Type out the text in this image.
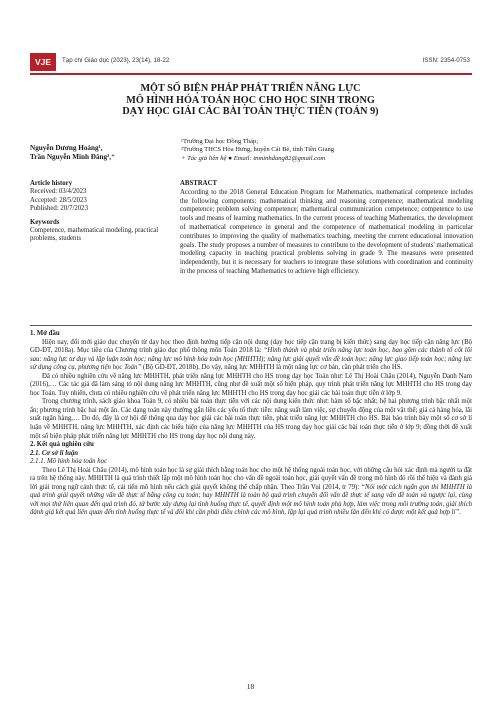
VJE	Tạp chí Giáo dục (2023), 23(14), 18-22	ISSN: 2354-0753
MỘT SỐ BIỆN PHÁP PHÁT TRIỂN NĂNG LỰC
MÔ HÌNH HÓA TOÁN HỌC CHO HỌC SINH TRONG
DẠY HỌC GIẢI CÁC BÀI TOÁN THỰC TIỄN (TOÁN 9)
Nguyễn Dương Hoàng¹,
Trần Nguyễn Minh Đăng²,⁺
¹Trường Đại học Đồng Tháp;
²Trường THCS Hòa Hưng, huyện Cái Bè, tỉnh Tiền Giang
+ Tác giả liên hệ ● Email: tnminhdang82@gmail.com
Article history
Received: 03/4/2023
Accepted: 28/5/2023
Published: 20/7/2023
Keywords
Competence, mathematical modeling, practical problems, students
ABSTRACT

According to the 2018 General Education Program for Mathematics, mathematical competence includes the following components: mathematical thinking and reasoning competence; mathematical modeling competence; problem solving competence; mathematical communication competence; competence to use tools and means of learning mathematics. In the current process of teaching Mathematics, the development of mathematical competence in general and the competence of mathematical modeling in particular contributes to improving the quality of mathematics teaching, meeting the current educational innovation goals. The study proposes a number of measures to contribute to the development of students' mathematical modeling capacity in teaching practical problems solving in grade 9. The measures were presented independently, but it is necessary for teachers to integrate these solutions with coordination and continuity in the process of teaching Mathematics to achieve high efficiency.

1. Mở đầu

Hiện nay, đổi mới giáo dục chuyển từ dạy học theo định hướng tiếp cận nội dung (dạy học tiếp cận trang bị kiến thức) sang dạy học tiếp cận năng lực (Bộ GD-ĐT, 2018a). Mục tiêu của Chương trình giáo dục phổ thông môn Toán 2018 là: “Hình thành và phát triển năng lực toán học, bao gồm các thành tố cốt lõi sau: năng lực tư duy và lập luận toán học; năng lực mô hình hóa toán học (MHHTH); năng lực giải quyết vấn đề toán học; năng lực giao tiếp toán học; năng lực sử dụng công cụ, phương tiện học Toán” (Bộ GD-ĐT, 2018b). Do vậy, năng lực MHHTH là một năng lực cơ bản, cần phát triển cho HS.

Đã có nhiều nghiên cứu về năng lực MHHTH, phát triển năng lực MHHTH cho HS trong dạy học Toán như: Lê Thị Hoài Châu (2014), Nguyễn Danh Nam (2016),… Các tác giả đã làm sáng tỏ nội dung năng lực MHHTH, cũng như đề xuất một số biện pháp, quy trình phát triển năng lực MHHTH cho HS trong dạy học Toán. Tuy nhiên, chưa có nhiều nghiên cứu về phát triển năng lực MHHTH cho HS trong dạy học giải các bài toán thực tiễn ở lớp 9.

Trong chương trình, sách giáo khoa Toán 9, có nhiều bài toán thực tiễn với các nội dung kiến thức như: hàm số bậc nhất; hệ hai phương trình bậc nhất một ẩn; phương trình bậc hai một ẩn. Các dạng toán này thường gắn liền các yếu tố thực tiễn: năng suất làm việc, sự chuyển động của một vật thể; giá cả hàng hóa, lãi suất ngân hàng,… Do đó, đây là cơ hội để thông qua dạy học giải các bài toán thực tiễn, phát triển năng lực MHHTH cho HS. Bài báo trình bày một số cơ sở lí luận về MHHTH, năng lực MHHTH, xác định các biểu hiện của năng lực MHHTH của HS trong dạy học giải các bài toán thực tiễn ở lớp 9; đồng thời đề xuất một số biện pháp phát triển năng lực MHHTH cho HS trong dạy học nội dung này.

2. Kết quả nghiên cứu

2.1. Cơ sở lí luận

2.1.1. Mô hình hóa toán học

Theo Lê Thị Hoài Châu (2014), mô hình toán học là sự giải thích bằng toán học cho một hệ thống ngoài toán học, với những câu hỏi xác định mà người ta đặt ra trên hệ thống này. MHHTH là quá trình thiết lập một mô hình toán học cho vấn đề ngoài toán học, giải quyết vấn đề trong mô hình đó rồi thể hiện và đánh giá lời giải trong ngữ cảnh thực tế, cải tiến mô hình nếu cách giải quyết không thể chấp nhận. Theo Trần Vui (2014, tr 79): “Nói một cách ngắn gọn thì MHHTH là quá trình giải quyết những vấn đề thực tế bằng công cụ toán; hay MHHTH là toàn bộ quá trình chuyển đổi vấn đề thực tế sang vấn đề toán và ngược lại, cùng với mọi thứ liên quan đến quá trình đó, từ bước xây dựng lại tình huống thực tế, quyết định một mô hình toán phù hợp, làm việc trong môi trường toán, giải thích đánh giá kết quả liên quan đến tình huống thực tế và đôi khi cần phải điều chỉnh các mô hình, lặp lại quá trình nhiều lần đến khi có được một kết quả hợp lí”.

18
